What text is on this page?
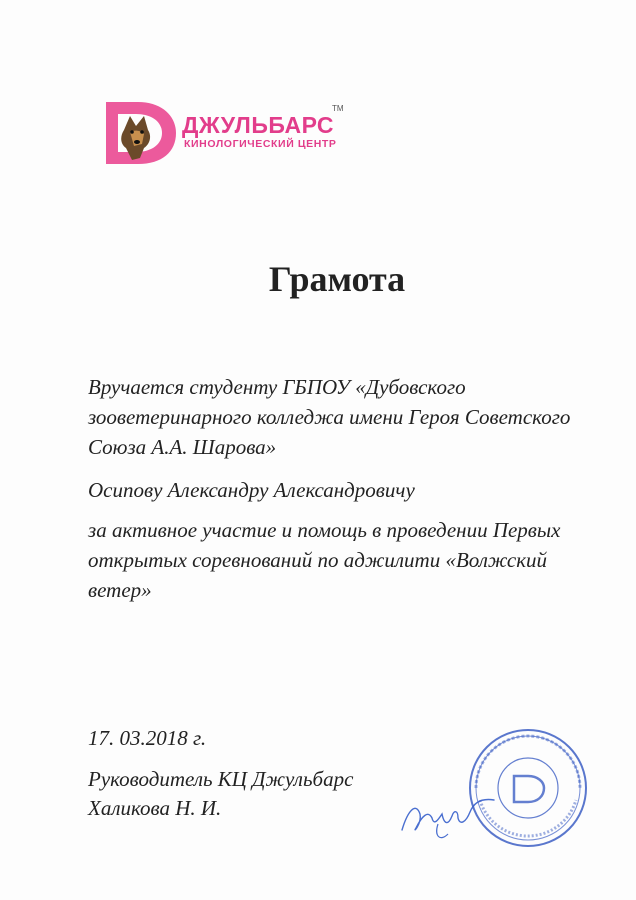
ДЖУЛЬБАРС
TM
КИНОЛОГИЧЕСКИЙ ЦЕНТР
Грамота
Вручается студенту ГБПОУ «Дубовского зооветеринарного колледжа имени Героя Советского Союза А.А. Шарова»
Осипову Александру Александровичу
за активное участие и помощь в проведении Первых открытых соревнований по аджилити «Волжский ветер»
17. 03.2018 г.
Руководитель КЦ Джульбарс
Халикова Н. И.
